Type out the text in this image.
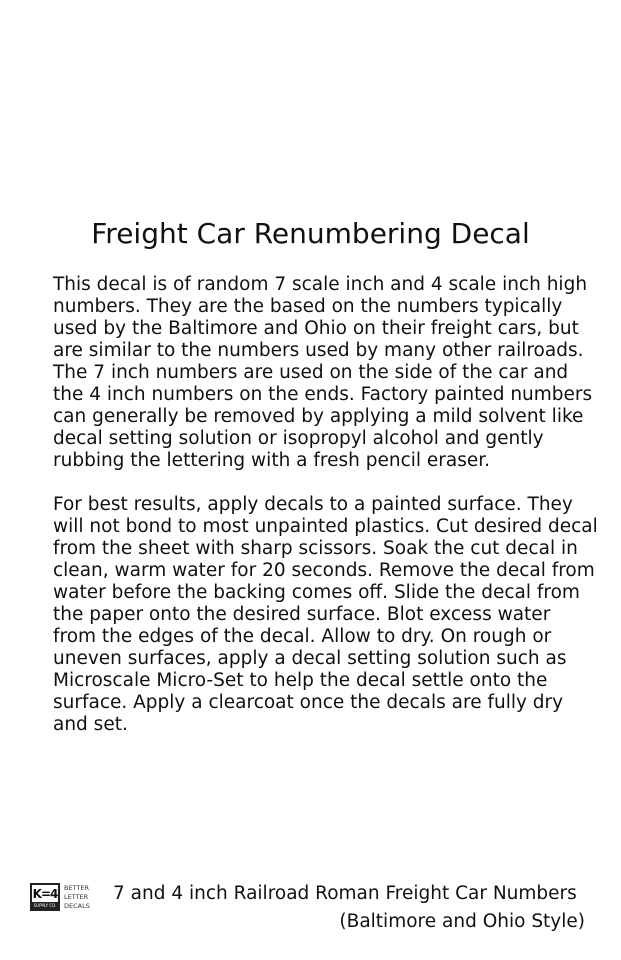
Freight Car Renumbering Decal

This decal is of random 7 scale inch and 4 scale inch high numbers. They are the based on the numbers typically used by the Baltimore and Ohio on their freight cars, but are similar to the numbers used by many other railroads. The 7 inch numbers are used on the side of the car and the 4 inch numbers on the ends. Factory painted numbers can generally be removed by applying a mild solvent like decal setting solution or isopropyl alcohol and gently rubbing the lettering with a fresh pencil eraser.

For best results, apply decals to a painted surface. They will not bond to most unpainted plastics. Cut desired decal from the sheet with sharp scissors. Soak the cut decal in clean, warm water for 20 seconds. Remove the decal from water before the backing comes off. Slide the decal from the paper onto the desired surface. Blot excess water from the edges of the decal. Allow to dry. On rough or uneven surfaces, apply a decal setting solution such as Microscale Micro-Set to help the decal settle onto the surface. Apply a clearcoat once the decals are fully dry and set.

K=4
SUPPLY CO.
BETTER
LETTER
DECALS
7 and 4 inch Railroad Roman Freight Car Numbers
(Baltimore and Ohio Style)
